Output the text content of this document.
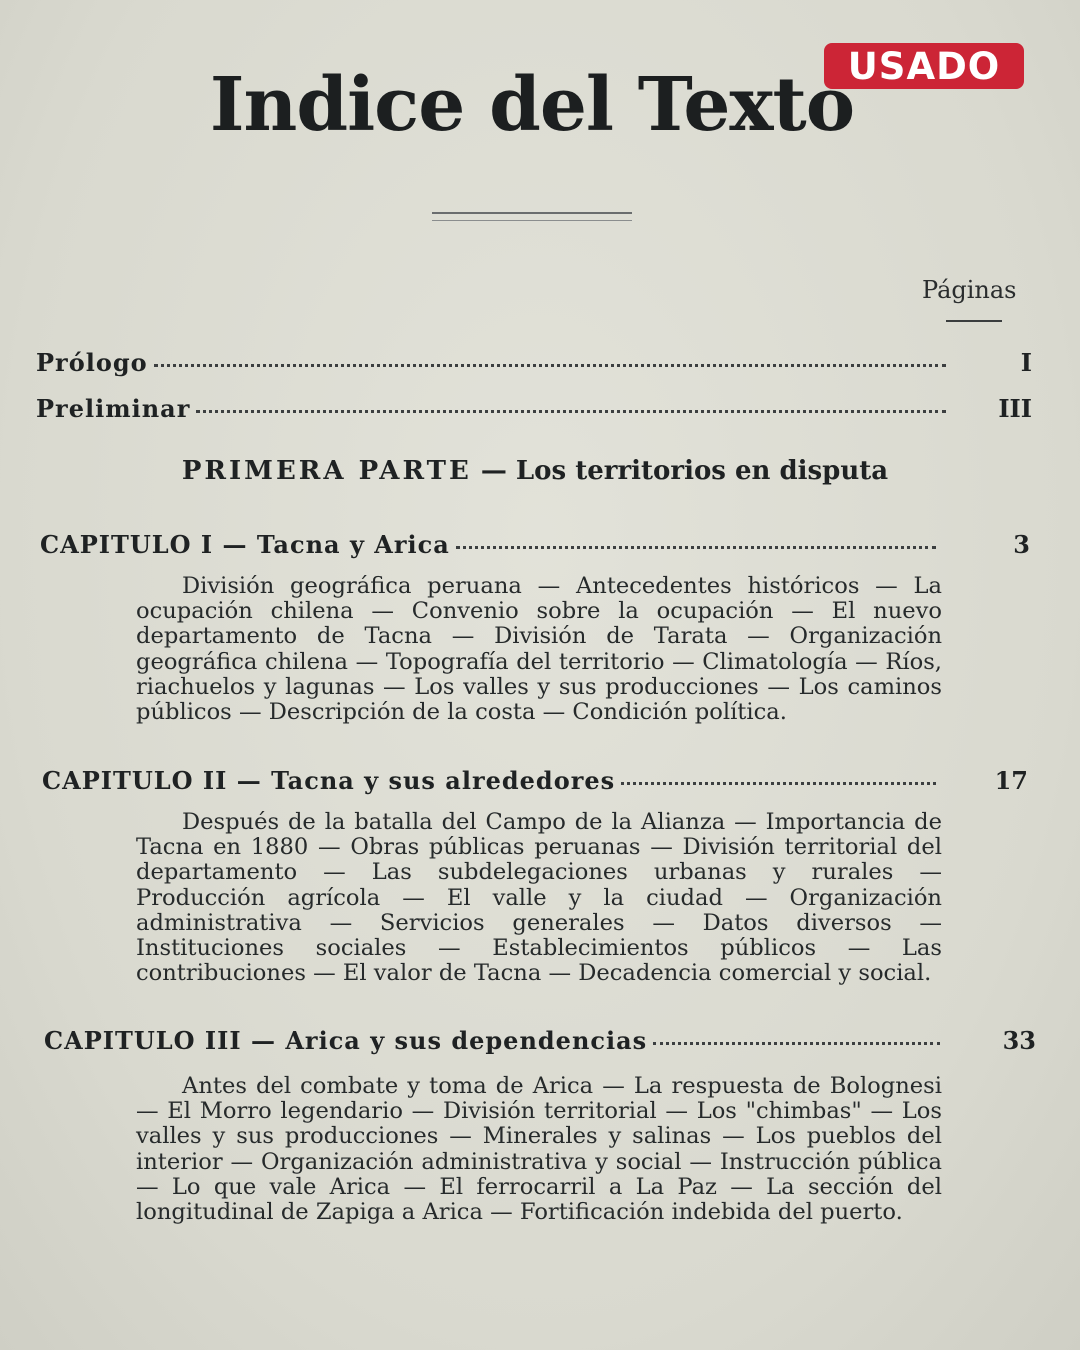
USADO
Indice del Texto
Páginas
Prólogo	I
Preliminar	III
PRIMERA PARTE — Los territorios en disputa
CAPITULO I — Tacna y Arica	3

División geográfica peruana — Antecedentes históricos — La ocupación chilena — Convenio sobre la ocupación — El nuevo departamento de Tacna — División de Tarata — Organización geográfica chilena — Topografía del territorio — Climatología — Ríos, riachuelos y lagunas — Los valles y sus producciones — Los caminos públicos — Descripción de la costa — Condición política.

CAPITULO II — Tacna y sus alrededores	17

Después de la batalla del Campo de la Alianza — Importancia de Tacna en 1880 — Obras públicas peruanas — División territorial del departamento — Las subdelegaciones urbanas y rurales — Producción agrícola — El valle y la ciudad — Organización administrativa — Servicios generales — Datos diversos — Instituciones sociales — Establecimientos públicos — Las contribuciones — El valor de Tacna — Decadencia comercial y social.

CAPITULO III — Arica y sus dependencias	33

Antes del combate y toma de Arica — La respuesta de Bolognesi — El Morro legendario — División territorial — Los "chimbas" — Los valles y sus producciones — Minerales y salinas — Los pueblos del interior — Organización administrativa y social — Instrucción pública — Lo que vale Arica — El ferrocarril a La Paz — La sección del longitudinal de Zapiga a Arica — Fortificación indebida del puerto.
